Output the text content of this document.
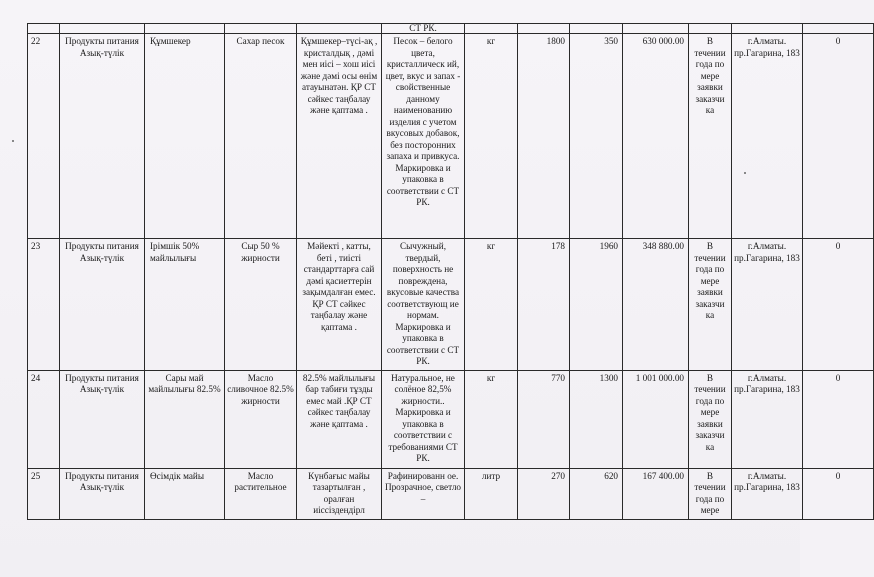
					СТ РК.							
22	Продукты питания Азық-түлік	Құмшекер	Сахар песок	Құмшекер–түсі-ақ , кристалдық , дәмі мен иісі – хош иісі және дәмі осы өнім атауынатән. ҚР СТ сәйкес таңбалау және қаптама .	Песок – белого цвета, кристаллическ ий, цвет, вкус и запах - свойственные данному наименованию изделия с учетом вкусовых добавок, без посторонних запаха и привкуса. Маркировка и упаковка в соответствии с СТ РК.	кг	1800	350	630 000.00	В течении года по мере заявки заказчи ка	г.Алматы. пр.Гагарина, 183	0
23	Продукты питания Азық-түлік	Ірімшік 50% майлылығы	Сыр 50 % жирности	Мәйекті , катты, беті , тиісті стандарттарға сай дәмі қасиеттерін зақымдалған емес. ҚР СТ сәйкес таңбалау және қаптама .	Сычужный, твердый, поверхность не повреждена, вкусовые качества соответствующ ие нормам. Маркировка и упаковка в соответствии с СТ РК.	кг	178	1960	348 880.00	В течении года по мере заявки заказчи ка	г.Алматы. пр.Гагарина, 183	0
24	Продукты питания Азық-түлік	Сары май майлылығы 82.5%	Масло сливочное 82.5% жирности	82.5% майлылығы бар табиғи тұзды емес май .ҚР СТ сәйкес таңбалау және қаптама .	Натуральное, не солёное 82,5% жирности.. Маркировка и упаковка в соответствии с требованиями СТ РК.	кг	770	1300	1 001 000.00	В течении года по мере заявки заказчи ка	г.Алматы. пр.Гагарина, 183	0
25	Продукты питания Азық-түлік	Өсімдік майы	Масло растительное	Күнбағыс майы тазартылған , оралған иіссіздендірл	Рафинированн ое. Прозрачное, светло –	литр	270	620	167 400.00	В течении года по мере	г.Алматы. пр.Гагарина, 183	0
